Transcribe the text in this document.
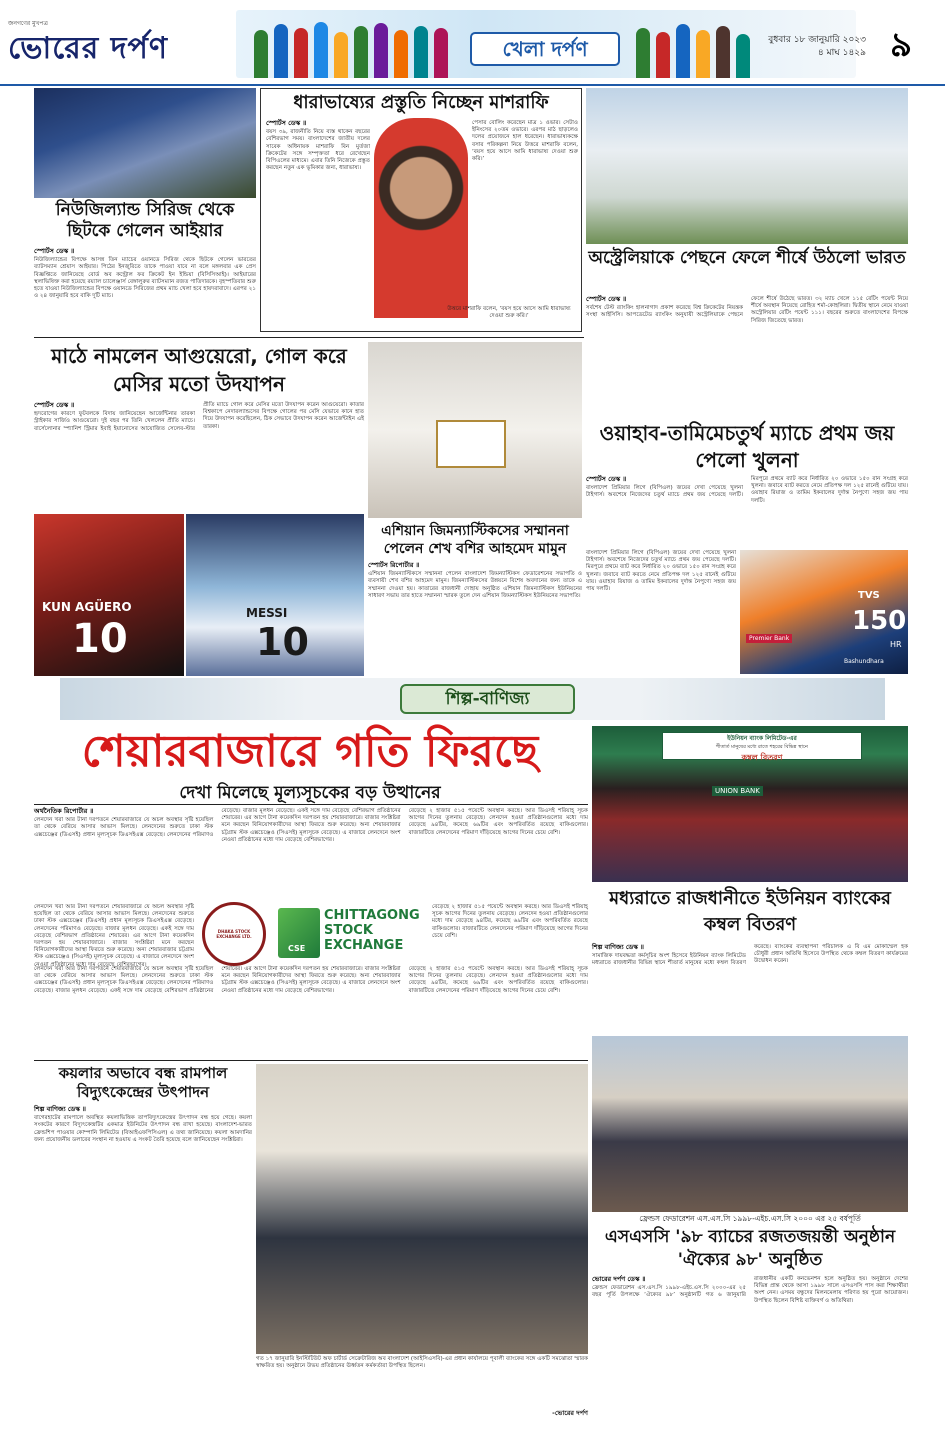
জনগণের মুখপত্র
ভোরের দর্পণ	খেলা দর্পণ	বুধবার ১৮ জানুয়ারি ২০২৩
৪ মাঘ ১৪২৯ ৯
নিউজিল্যান্ড সিরিজ থেকে ছিটকে গেলেন আইয়ার
স্পোর্টস ডেস্ক ॥
নিউজিল্যান্ডের বিপক্ষে আসন্ন তিন ম্যাচের ওয়ানডে সিরিজ থেকে ছিটকে গেলেন ভারতের ব্যাটসম্যান শ্রেয়াস আইয়ার। পিঠের ইনজুরিতে তাকে পাওয়া যাবে না বলে মঙ্গলবার এক প্রেস বিজ্ঞপ্তিতে জানিয়েছে বোর্ড অব কন্ট্রোল ফর ক্রিকেট ইন ইন্ডিয়া (বিসিসিআই)। আইয়ারের স্থলাভিষিক্ত করা হয়েছে রয়্যাল চ্যালেঞ্জার্স বেঙ্গালুরুর ব্যাটসম্যান রজত পাতিদারকে। বৃহস্পতিবার শুরু হতে যাওয়া নিউজিল্যান্ডের বিপক্ষে ওয়ানডে সিরিজের প্রথম ম্যাচ খেলা হবে হায়দরাবাদে। এরপর ২১ ও ২৪ জানুয়ারি হবে বাকি দুটি ম্যাচ।
ধারাভাষ্যের প্রস্তুতি নিচ্ছেন মাশরাফি
স্পোর্টস ডেস্ক ॥
বয়স ৩৯, রাজনীতি নিয়ে ব্যস্ত থাকেন বছরের বেশিরভাগ সময়। বাংলাদেশের জাতীয় দলের সাবেক অধিনায়ক মাশরাফি বিন মুর্তজা ক্রিকেটের সঙ্গে সম্পৃক্ততা ধরে রেখেছেন বিপিএলের মাধ্যমে। এবার তিনি নিজেকে প্রস্তুত করছেন নতুন এক ভূমিকার জন্য, ধারাভাষ্য।
পেসার বোলিং করেছেন মাত্র ১ ওভার। সেটাও ইনিংসের ২০তম ওভারে। এরপর মাঠ ছাড়লেও দলের প্রয়োজনে হাল ধরেছেন। ধারাভাষ্যকক্ষে বসার পরিকল্পনা নিয়ে উত্তরে মাশরাফি বলেন, ‘বয়স হয়ে আসে আমি ধারাভাষ্য দেওয়া শুরু করি।’
উত্তরে মাশরাফি বলেন, ‘বয়স হয়ে আসে আমি ধারাভাষ্য দেওয়া শুরু করি।’
অস্ট্রেলিয়াকে পেছনে ফেলে শীর্ষে উঠলো ভারত
স্পোর্টস ডেস্ক ॥
সর্বশেষ টেস্ট র‍্যাংকিং হালনাগাদ প্রকাশ করেছে বিশ্ব ক্রিকেটের নিয়ন্ত্রক সংস্থা আইসিসি। আপডেটেড র‍্যাংকিং অনুযায়ী অস্ট্রেলিয়াকে পেছনে ফেলে শীর্ষে উঠেছে ভারত। ৩২ ম্যাচ খেলে ১১৫ রেটিং পয়েন্ট নিয়ে শীর্ষে অবস্থান নিয়েছে রোহিত শর্মা-কোহলিরা। দ্বিতীয় স্থানে নেমে যাওয়া অস্ট্রেলিয়ার রেটিং পয়েন্ট ১১১। বছরের শুরুতে বাংলাদেশের বিপক্ষে সিরিজ জিতেছে ভারত।
মাঠে নামলেন আগুয়েরো, গোল করে মেসির মতো উদযাপন
স্পোর্টস ডেস্ক ॥
হৃদরোগের কারণে ফুটবলকে বিদায় জানিয়েছেন আর্জেন্টিনার তারকা স্ট্রাইকার সার্জিও আগুয়েরো। দুই বছর পর তিনি খেললেন প্রীতি ম্যাচে। বার্সেলোনার স্প্যানিশ স্ট্রিমার ইবাই ইয়ানোসের আয়োজিত সেলেব-স্টার প্রীতি ম্যাচে গোল করে মেসির মতো উদযাপন করেন আগুয়েরো। কাতার বিশ্বকাপে নেদারল্যান্ডসের বিপক্ষে গোলের পর মেসি যেভাবে কানে হাত দিয়ে উদযাপন করেছিলেন, ঠিক সেভাবে উদযাপন করেন আর্জেন্টাইন এই তারকা।
KUN AGÜERO
10
MESSI
10
এশিয়ান জিমন্যাস্টিকসের সম্মাননা পেলেন শেখ বশির আহমেদ মামুন
স্পোর্টস রিপোর্টার ॥
এশিয়ান জিমন্যাস্টিকসে সম্মাননা পেলেন বাংলাদেশ জিমন্যাস্টিকস ফেডারেশনের সভাপতি ও ব্যবসায়ী শেখ বশির আহমেদ মামুন। জিমন্যাস্টিকসের উন্নয়নে বিশেষ অবদানের জন্য তাকে এ সম্মাননা দেওয়া হয়। কাতারের রাজধানী দোহায় অনুষ্ঠিত এশিয়ান জিমন্যাস্টিকস ইউনিয়নের সাধারণ সভায় তার হাতে সম্মাননা স্মারক তুলে দেন এশিয়ান জিমন্যাস্টিকস ইউনিয়নের সভাপতি।
ওয়াহাব-তামিমেচতুর্থ ম্যাচে প্রথম জয় পেলো খুলনা
স্পোর্টস ডেস্ক ॥
বাংলাদেশ প্রিমিয়ার লিগে (বিপিএল) জয়ের দেখা পেয়েছে খুলনা টাইগার্স। অবশেষে নিজেদের চতুর্থ ম্যাচে প্রথম জয় পেয়েছে দলটি। মিরপুরে প্রথমে ব্যাট করে নির্ধারিত ২০ ওভারে ১৫০ রান সংগ্রহ করে খুলনা। জবাবে ব্যাট করতে নেমে প্রতিপক্ষ দল ১২৫ রানেই গুটিয়ে যায়। ওয়াহাব রিয়াজ ও তামিম ইকবালের দুর্দান্ত নৈপুণ্যে সহজ জয় পায় দলটি।
বাংলাদেশ প্রিমিয়ার লিগে (বিপিএল) জয়ের দেখা পেয়েছে খুলনা টাইগার্স। অবশেষে নিজেদের চতুর্থ ম্যাচে প্রথম জয় পেয়েছে দলটি। মিরপুরে প্রথমে ব্যাট করে নির্ধারিত ২০ ওভারে ১৫০ রান সংগ্রহ করে খুলনা। জবাবে ব্যাট করতে নেমে প্রতিপক্ষ দল ১২৫ রানেই গুটিয়ে যায়। ওয়াহাব রিয়াজ ও তামিম ইকবালের দুর্দান্ত নৈপুণ্যে সহজ জয় পায় দলটি।
Premier Bank
TVS
150
HR
Bashundhara
শিল্প-বাণিজ্য
শেয়ারবাজারে গতি ফিরছে
দেখা মিলেছে মূল্যসূচকের বড় উত্থানের
অর্থনৈতিক রিপোর্টার ॥
লেনদেন খরা আর টানা দরপতনে শেয়ারবাজারে যে অচল অবস্থার সৃষ্টি হয়েছিল তা থেকে বেরিয়ে আসার আভাস মিলছে। লেনদেনের শুরুতে ঢাকা স্টক এক্সচেঞ্জের (ডিএসই) প্রধান মূল্যসূচক ডিএসইএক্স বেড়েছে। লেনদেনের পরিমাণও বেড়েছে। বাজার মূলধন বেড়েছে। একই সঙ্গে দাম বেড়েছে বেশিরভাগ প্রতিষ্ঠানের শেয়ারের। এর আগে টানা কয়েকদিন দরপতন হয় শেয়ারবাজারে। বাজার সংশ্লিষ্টরা মনে করছেন বিনিয়োগকারীদের আস্থা ফিরতে শুরু করেছে। অন্য শেয়ারবাজার চট্টগ্রাম স্টক এক্সচেঞ্জেও (সিএসই) মূল্যসূচক বেড়েছে। এ বাজারে লেনদেনে অংশ নেওয়া প্রতিষ্ঠানের মধ্যে দাম বেড়েছে বেশিরভাগের।
বেড়েছে ২ হাজার ৫১৫ পয়েন্টে অবস্থান করছে। আর ডিএসই শরিয়াহ্ সূচক আগের দিনের তুলনায় বেড়েছে। লেনদেন হওয়া প্রতিষ্ঠানগুলোর মধ্যে দাম বেড়েছে ৯৪টির, কমেছে ৬৯টির এবং অপরিবর্তিত রয়েছে বাকিগুলোর। বাজারটিতে লেনদেনের পরিমাণ দাঁড়িয়েছে আগের দিনের চেয়ে বেশি।
লেনদেন খরা আর টানা দরপতনে শেয়ারবাজারে যে অচল অবস্থার সৃষ্টি হয়েছিল তা থেকে বেরিয়ে আসার আভাস মিলছে। লেনদেনের শুরুতে ঢাকা স্টক এক্সচেঞ্জের (ডিএসই) প্রধান মূল্যসূচক ডিএসইএক্স বেড়েছে। লেনদেনের পরিমাণও বেড়েছে। বাজার মূলধন বেড়েছে। একই সঙ্গে দাম বেড়েছে বেশিরভাগ প্রতিষ্ঠানের শেয়ারের। এর আগে টানা কয়েকদিন দরপতন হয় শেয়ারবাজারে। বাজার সংশ্লিষ্টরা মনে করছেন বিনিয়োগকারীদের আস্থা ফিরতে শুরু করেছে। অন্য শেয়ারবাজার চট্টগ্রাম স্টক এক্সচেঞ্জেও (সিএসই) মূল্যসূচক বেড়েছে। এ বাজারে লেনদেনে অংশ নেওয়া প্রতিষ্ঠানের মধ্যে দাম বেড়েছে বেশিরভাগের।
DHAKA STOCK EXCHANGE LTD.
CSE
CHITTAGONG
STOCK
EXCHANGE
বেড়েছে ২ হাজার ৫১৫ পয়েন্টে অবস্থান করছে। আর ডিএসই শরিয়াহ্ সূচক আগের দিনের তুলনায় বেড়েছে। লেনদেন হওয়া প্রতিষ্ঠানগুলোর মধ্যে দাম বেড়েছে ৯৪টির, কমেছে ৬৯টির এবং অপরিবর্তিত রয়েছে বাকিগুলোর। বাজারটিতে লেনদেনের পরিমাণ দাঁড়িয়েছে আগের দিনের চেয়ে বেশি।
লেনদেন খরা আর টানা দরপতনে শেয়ারবাজারে যে অচল অবস্থার সৃষ্টি হয়েছিল তা থেকে বেরিয়ে আসার আভাস মিলছে। লেনদেনের শুরুতে ঢাকা স্টক এক্সচেঞ্জের (ডিএসই) প্রধান মূল্যসূচক ডিএসইএক্স বেড়েছে। লেনদেনের পরিমাণও বেড়েছে। বাজার মূলধন বেড়েছে। একই সঙ্গে দাম বেড়েছে বেশিরভাগ প্রতিষ্ঠানের শেয়ারের। এর আগে টানা কয়েকদিন দরপতন হয় শেয়ারবাজারে। বাজার সংশ্লিষ্টরা মনে করছেন বিনিয়োগকারীদের আস্থা ফিরতে শুরু করেছে। অন্য শেয়ারবাজার চট্টগ্রাম স্টক এক্সচেঞ্জেও (সিএসই) মূল্যসূচক বেড়েছে। এ বাজারে লেনদেনে অংশ নেওয়া প্রতিষ্ঠানের মধ্যে দাম বেড়েছে বেশিরভাগের।
বেড়েছে ২ হাজার ৫১৫ পয়েন্টে অবস্থান করছে। আর ডিএসই শরিয়াহ্ সূচক আগের দিনের তুলনায় বেড়েছে। লেনদেন হওয়া প্রতিষ্ঠানগুলোর মধ্যে দাম বেড়েছে ৯৪টির, কমেছে ৬৯টির এবং অপরিবর্তিত রয়েছে বাকিগুলোর। বাজারটিতে লেনদেনের পরিমাণ দাঁড়িয়েছে আগের দিনের চেয়ে বেশি।
ইউনিয়ন ব্যাংক লিমিটেড-এর
শীতার্ত মানুষের মধ্যে রাতে শহরের বিভিন্ন স্থানে
কম্বল বিতরণ
UNION BANK
মধ্যরাতে রাজধানীতে ইউনিয়ন ব্যাংকের কম্বল বিতরণ
শিল্প বাণিজ্য ডেস্ক ॥
সামাজিক দায়বদ্ধতা কর্মসূচির অংশ হিসেবে ইউনিয়ন ব্যাংক লিমিটেড মধ্যরাতে রাজধানীর বিভিন্ন স্থানে শীতার্ত মানুষের মধ্যে কম্বল বিতরণ করেছে। ব্যাংকের ব্যবস্থাপনা পরিচালক এ বি এম মোকাম্মেল হক চৌধুরী প্রধান অতিথি হিসেবে উপস্থিত থেকে কম্বল বিতরণ কার্যক্রমের উদ্বোধন করেন।
ফ্রেন্ডস ফেডারেশন এস.এস.সি ১৯৯৮-এইচ.এস.সি ২০০০ এর ২৫ বর্ষপূর্তি
এসএসসি '৯৮ ব্যাচের রজতজয়ন্তী অনুষ্ঠান 'ঐক্যের ৯৮' অনুষ্ঠিত
ভোরের দর্পণ ডেস্ক ॥
ফ্রেন্ডস ফেডারেশন এস.এস.সি ১৯৯৮-এইচ.এস.সি ২০০০-এর ২৫ বছর পূর্তি উপলক্ষে ‘ঐক্যের ৯৮’ অনুষ্ঠানটি গত ৬ জানুয়ারি রাজধানীর একটি কনভেনশন হলে অনুষ্ঠিত হয়। অনুষ্ঠানে দেশের বিভিন্ন প্রান্ত থেকে আসা ১৯৯৮ সালে এসএসসি পাস করা শিক্ষার্থীরা অংশ নেন। এসময় বন্ধুদের মিলনমেলায় পরিণত হয় পুরো আয়োজন। উপস্থিত ছিলেন বিশিষ্ট ব্যক্তিবর্গ ও অতিথিরা।
কয়লার অভাবে বন্ধ রামপাল বিদ্যুৎকেন্দ্রের উৎপাদন
শিল্প বাণিজ্য ডেস্ক ॥
বাগেরহাটের রামপালে অবস্থিত কয়লাভিত্তিক তাপবিদ্যুৎকেন্দ্রের উৎপাদন বন্ধ হয়ে গেছে। কয়লা সংকটের কারণে বিদ্যুৎকেন্দ্রটির একমাত্র ইউনিটের উৎপাদন বন্ধ রাখা হয়েছে। বাংলাদেশ-ভারত ফ্রেন্ডশিপ পাওয়ার কোম্পানি লিমিটেড (বিআইএফপিসিএল) এ তথ্য জানিয়েছে। কয়লা আমদানির জন্য প্রয়োজনীয় ডলারের সংস্থান না হওয়ায় এ সংকট তৈরি হয়েছে বলে জানিয়েছেন সংশ্লিষ্টরা।
গত ১৭ জানুয়ারি ইনস্টিটিউট অফ চার্টার্ড সেক্রেটারিজ অব বাংলাদেশ (আইসিএসবি)-এর প্রধান কার্যালয়ে পূবালী ব্যাংকের সঙ্গে একটি সমঝোতা স্মারক স্বাক্ষরিত হয়। অনুষ্ঠানে উভয় প্রতিষ্ঠানের ঊর্ধ্বতন কর্মকর্তারা উপস্থিত ছিলেন।
-ভোরের দর্পণ
